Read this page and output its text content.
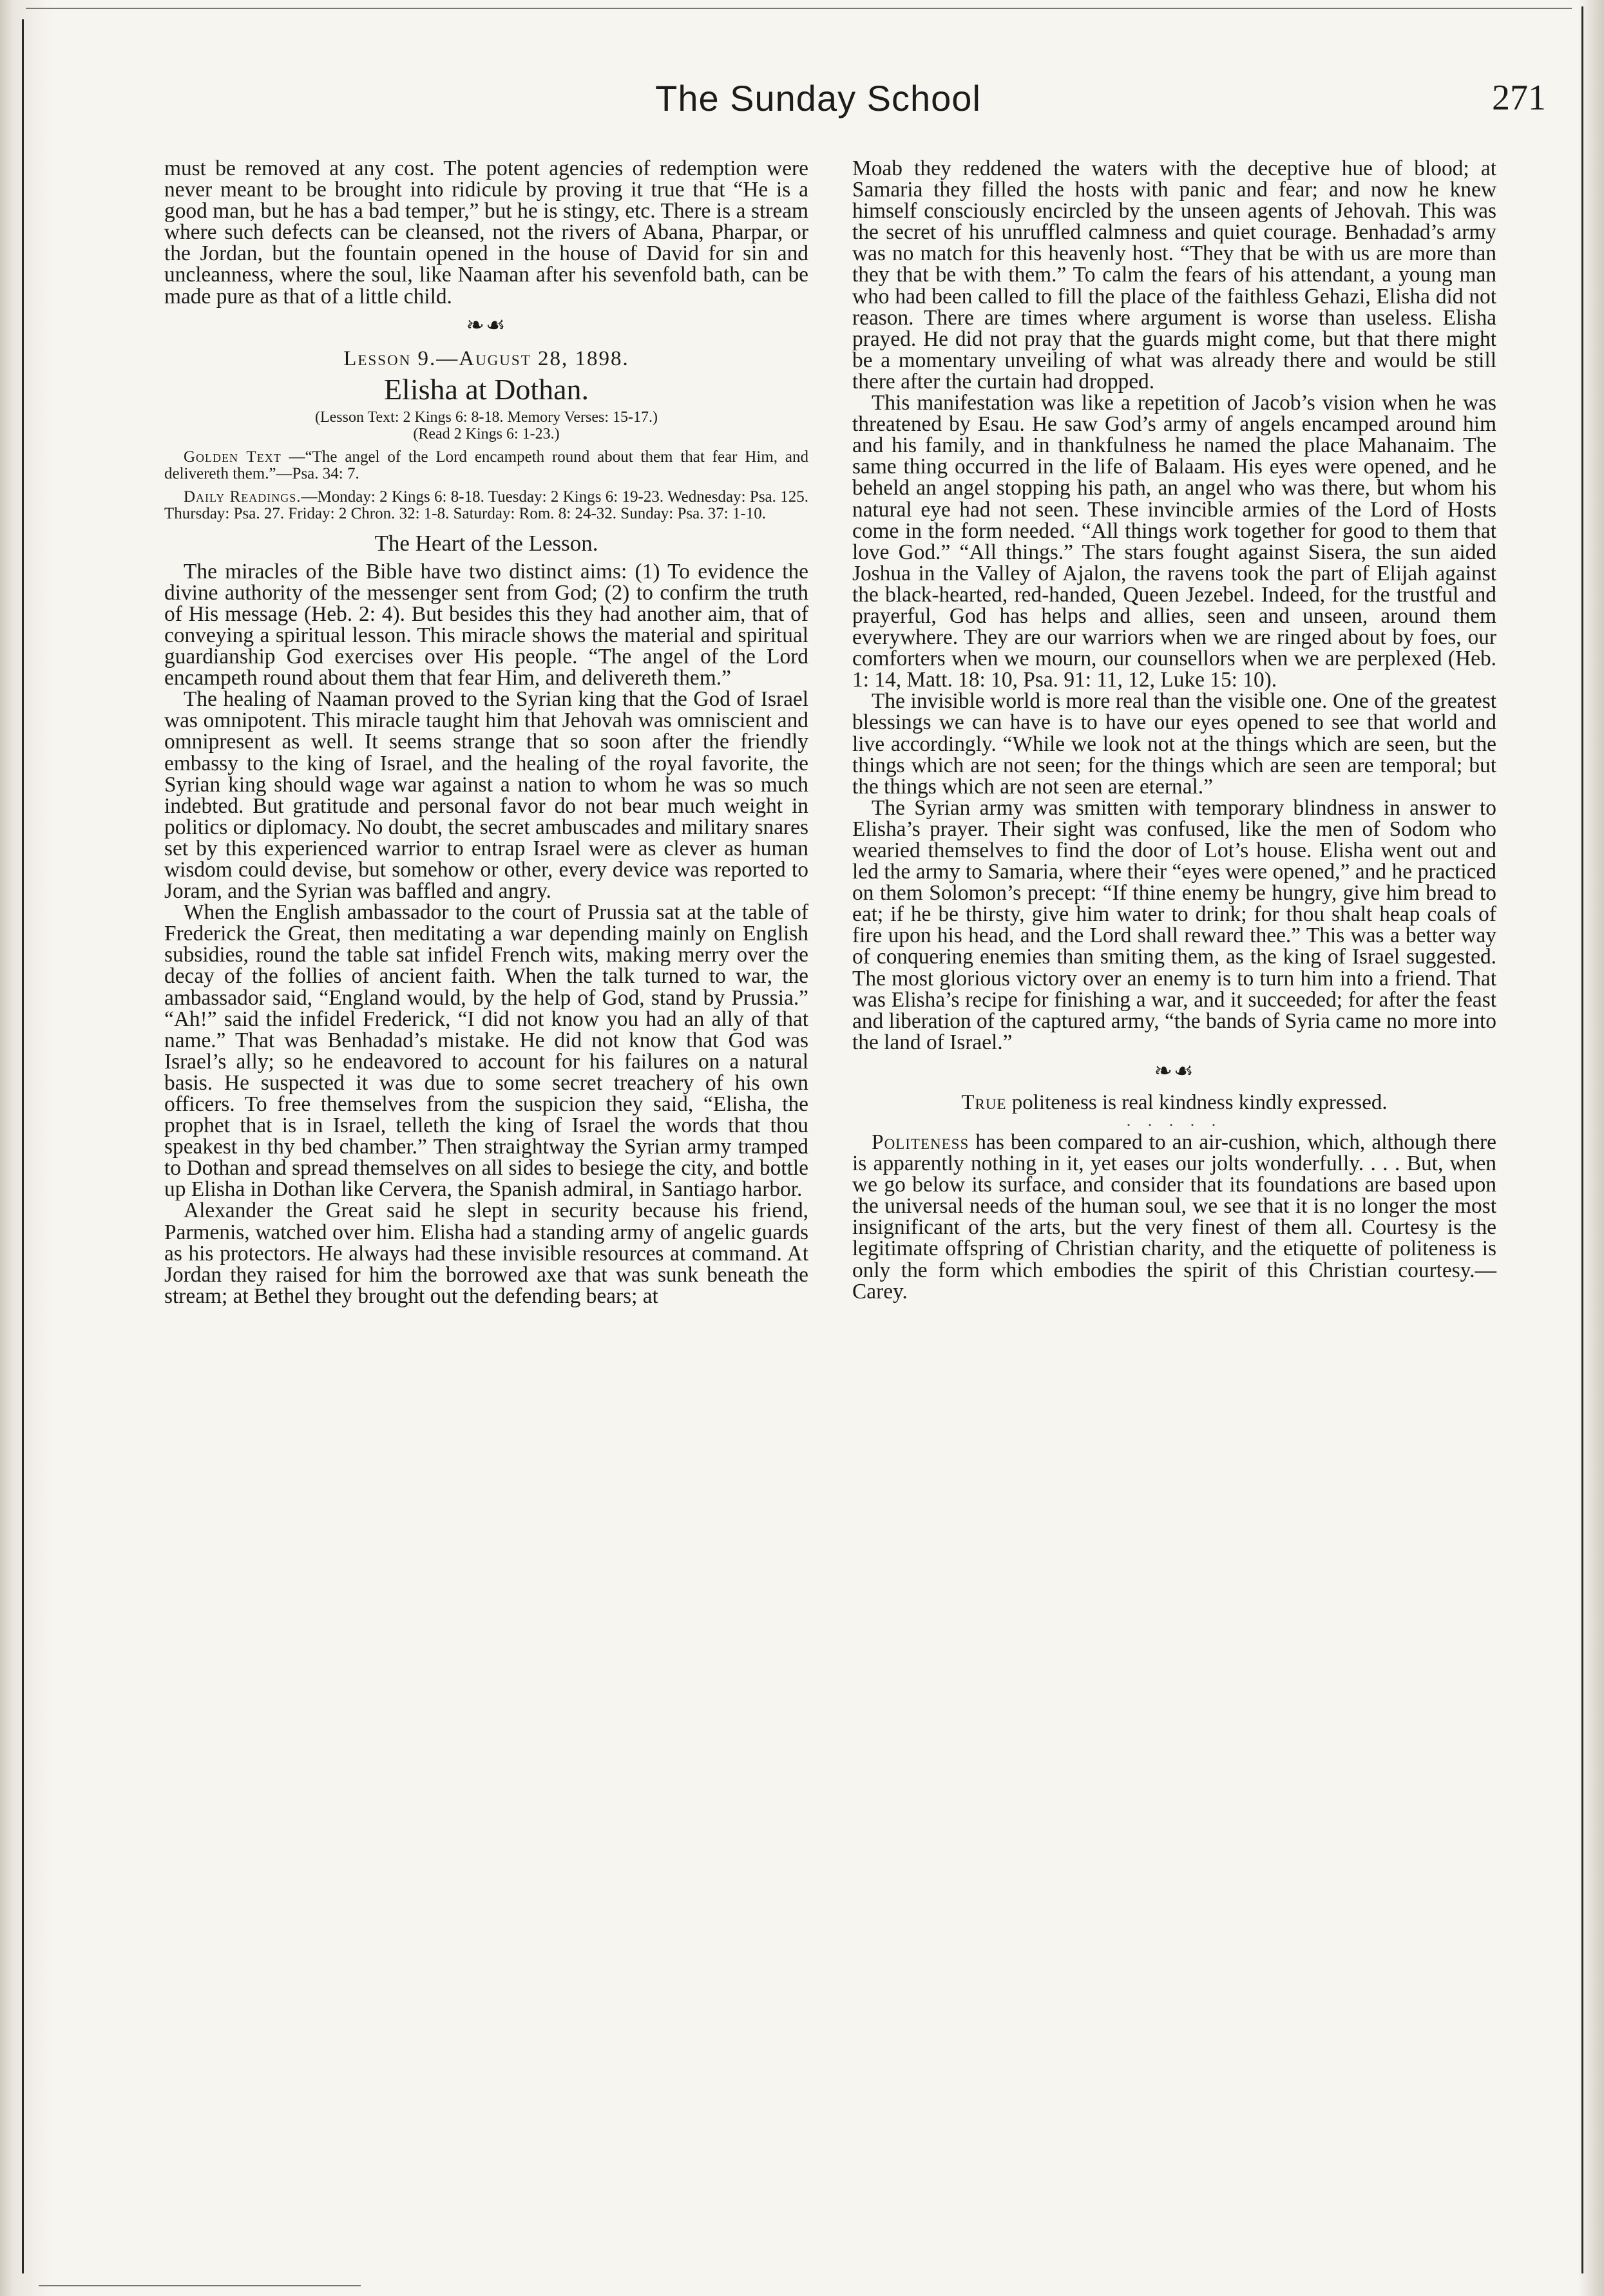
The Sunday School	271

must be removed at any cost. The potent agencies of redemption were never meant to be brought into ridicule by proving it true that “He is a good man, but he has a bad temper,” but he is stingy, etc. There is a stream where such defects can be cleansed, not the rivers of Abana, Pharpar, or the Jordan, but the fountain opened in the house of David for sin and uncleanness, where the soul, like Naaman after his sevenfold bath, can be made pure as that of a little child.

❧☙
Lesson 9.—August 28, 1898.
Elisha at Dothan.
(Lesson Text: 2 Kings 6: 8-18. Memory Verses: 15-17.)
(Read 2 Kings 6: 1-23.)
Golden Text —“The angel of the Lord encampeth round about them that fear Him, and delivereth them.”—Psa. 34: 7.
Daily Readings.—Monday: 2 Kings 6: 8-18. Tuesday: 2 Kings 6: 19-23. Wednesday: Psa. 125. Thursday: Psa. 27. Friday: 2 Chron. 32: 1-8. Saturday: Rom. 8: 24-32. Sunday: Psa. 37: 1-10.
The Heart of the Lesson.

The miracles of the Bible have two distinct aims: (1) To evidence the divine authority of the messenger sent from God; (2) to confirm the truth of His message (Heb. 2: 4). But besides this they had another aim, that of conveying a spiritual lesson. This miracle shows the material and spiritual guardianship God exercises over His people. “The angel of the Lord encampeth round about them that fear Him, and delivereth them.”

The healing of Naaman proved to the Syrian king that the God of Israel was omnipotent. This miracle taught him that Jehovah was omniscient and omnipresent as well. It seems strange that so soon after the friendly embassy to the king of Israel, and the healing of the royal favorite, the Syrian king should wage war against a nation to whom he was so much indebted. But gratitude and personal favor do not bear much weight in politics or diplomacy. No doubt, the secret ambuscades and military snares set by this experienced warrior to entrap Israel were as clever as human wisdom could devise, but somehow or other, every device was reported to Joram, and the Syrian was baffled and angry.

When the English ambassador to the court of Prussia sat at the table of Frederick the Great, then meditating a war depending mainly on English subsidies, round the table sat infidel French wits, making merry over the decay of the follies of ancient faith. When the talk turned to war, the ambassador said, “England would, by the help of God, stand by Prussia.” “Ah!” said the infidel Frederick, “I did not know you had an ally of that name.” That was Benhadad’s mistake. He did not know that God was Israel’s ally; so he endeavored to account for his failures on a natural basis. He suspected it was due to some secret treachery of his own officers. To free themselves from the suspicion they said, “Elisha, the prophet that is in Israel, telleth the king of Israel the words that thou speakest in thy bed chamber.” Then straightway the Syrian army tramped to Dothan and spread themselves on all sides to besiege the city, and bottle up Elisha in Dothan like Cervera, the Spanish admiral, in Santiago harbor.

Alexander the Great said he slept in security because his friend, Parmenis, watched over him. Elisha had a standing army of angelic guards as his protectors. He always had these invisible resources at command. At Jordan they raised for him the borrowed axe that was sunk beneath the stream; at Bethel they brought out the defending bears; at

Moab they reddened the waters with the deceptive hue of blood; at Samaria they filled the hosts with panic and fear; and now he knew himself consciously encircled by the unseen agents of Jehovah. This was the secret of his unruffled calmness and quiet courage. Benhadad’s army was no match for this heavenly host. “They that be with us are more than they that be with them.” To calm the fears of his attendant, a young man who had been called to fill the place of the faithless Gehazi, Elisha did not reason. There are times where argument is worse than useless. Elisha prayed. He did not pray that the guards might come, but that there might be a momentary unveiling of what was already there and would be still there after the curtain had dropped.

This manifestation was like a repetition of Jacob’s vision when he was threatened by Esau. He saw God’s army of angels encamped around him and his family, and in thankfulness he named the place Mahanaim. The same thing occurred in the life of Balaam. His eyes were opened, and he beheld an angel stopping his path, an angel who was there, but whom his natural eye had not seen. These invincible armies of the Lord of Hosts come in the form needed. “All things work together for good to them that love God.” “All things.” The stars fought against Sisera, the sun aided Joshua in the Valley of Ajalon, the ravens took the part of Elijah against the black-hearted, red-handed, Queen Jezebel. Indeed, for the trustful and prayerful, God has helps and allies, seen and unseen, around them everywhere. They are our warriors when we are ringed about by foes, our comforters when we mourn, our counsellors when we are perplexed (Heb. 1: 14, Matt. 18: 10, Psa. 91: 11, 12, Luke 15: 10).

The invisible world is more real than the visible one. One of the greatest blessings we can have is to have our eyes opened to see that world and live accordingly. “While we look not at the things which are seen, but the things which are not seen; for the things which are seen are temporal; but the things which are not seen are eternal.”

The Syrian army was smitten with temporary blindness in answer to Elisha’s prayer. Their sight was confused, like the men of Sodom who wearied themselves to find the door of Lot’s house. Elisha went out and led the army to Samaria, where their “eyes were opened,” and he practiced on them Solomon’s precept: “If thine enemy be hungry, give him bread to eat; if he be thirsty, give him water to drink; for thou shalt heap coals of fire upon his head, and the Lord shall reward thee.” This was a better way of conquering enemies than smiting them, as the king of Israel suggested. The most glorious victory over an enemy is to turn him into a friend. That was Elisha’s recipe for finishing a war, and it succeeded; for after the feast and liberation of the captured army, “the bands of Syria came no more into the land of Israel.”

❧☙
True politeness is real kindness kindly expressed.
. . . . .

Politeness has been compared to an air-cushion, which, although there is apparently nothing in it, yet eases our jolts wonderfully. . . . But, when we go below its surface, and consider that its foundations are based upon the universal needs of the human soul, we see that it is no longer the most insignificant of the arts, but the very finest of them all. Courtesy is the legitimate offspring of Christian charity, and the etiquette of politeness is only the form which embodies the spirit of this Christian courtesy.—Carey.
